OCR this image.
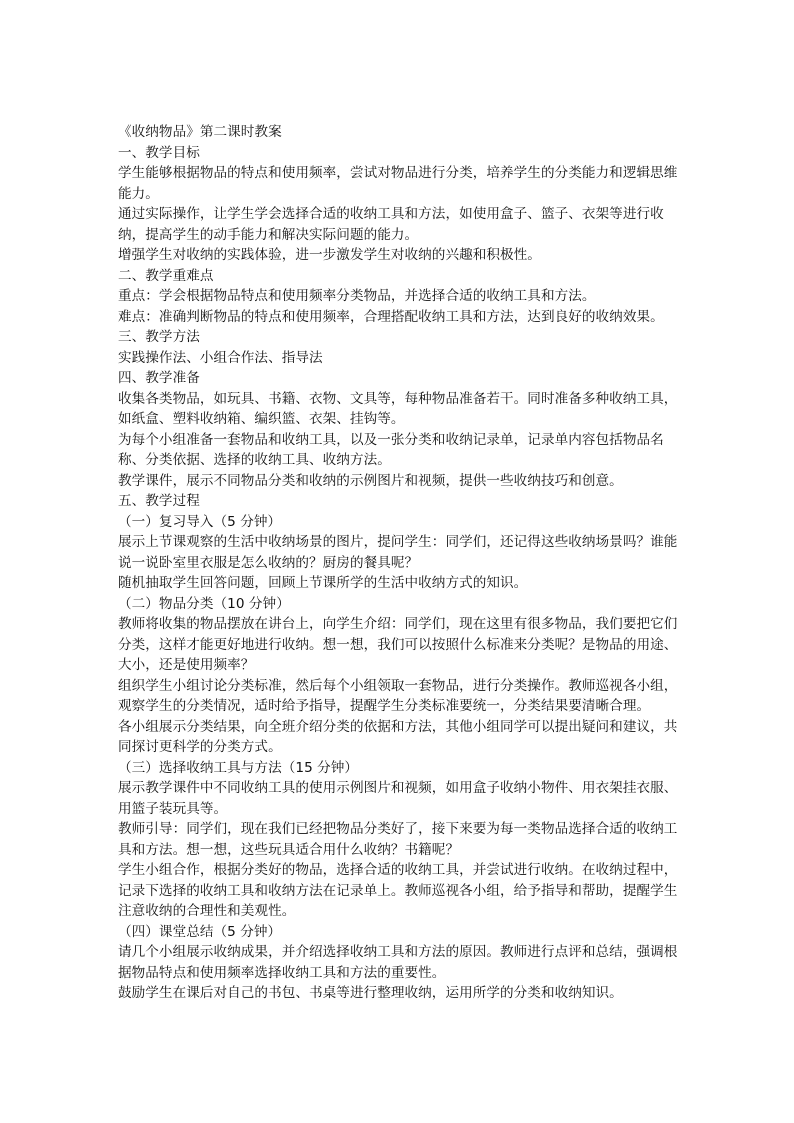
《收纳物品》第二课时教案
一、教学目标
学生能够根据物品的特点和使用频率，尝试对物品进行分类，培养学生的分类能力和逻辑思维能力。
通过实际操作，让学生学会选择合适的收纳工具和方法，如使用盒子、篮子、衣架等进行收纳，提高学生的动手能力和解决实际问题的能力。
增强学生对收纳的实践体验，进一步激发学生对收纳的兴趣和积极性。
二、教学重难点
重点：学会根据物品特点和使用频率分类物品，并选择合适的收纳工具和方法。
难点：准确判断物品的特点和使用频率，合理搭配收纳工具和方法，达到良好的收纳效果。
三、教学方法
实践操作法、小组合作法、指导法
四、教学准备
收集各类物品，如玩具、书籍、衣物、文具等，每种物品准备若干。同时准备多种收纳工具，如纸盒、塑料收纳箱、编织篮、衣架、挂钩等。
为每个小组准备一套物品和收纳工具，以及一张分类和收纳记录单，记录单内容包括物品名称、分类依据、选择的收纳工具、收纳方法。
教学课件，展示不同物品分类和收纳的示例图片和视频，提供一些收纳技巧和创意。
五、教学过程
（一）复习导入（5 分钟）
展示上节课观察的生活中收纳场景的图片，提问学生：同学们，还记得这些收纳场景吗？谁能说一说卧室里衣服是怎么收纳的？厨房的餐具呢？
随机抽取学生回答问题，回顾上节课所学的生活中收纳方式的知识。
（二）物品分类（10 分钟）
教师将收集的物品摆放在讲台上，向学生介绍：同学们，现在这里有很多物品，我们要把它们分类，这样才能更好地进行收纳。想一想，我们可以按照什么标准来分类呢？是物品的用途、大小，还是使用频率？
组织学生小组讨论分类标准，然后每个小组领取一套物品，进行分类操作。教师巡视各小组，观察学生的分类情况，适时给予指导，提醒学生分类标准要统一，分类结果要清晰合理。
各小组展示分类结果，向全班介绍分类的依据和方法，其他小组同学可以提出疑问和建议，共同探讨更科学的分类方式。
（三）选择收纳工具与方法（15 分钟）
展示教学课件中不同收纳工具的使用示例图片和视频，如用盒子收纳小物件、用衣架挂衣服、用篮子装玩具等。
教师引导：同学们，现在我们已经把物品分类好了，接下来要为每一类物品选择合适的收纳工具和方法。想一想，这些玩具适合用什么收纳？书籍呢？
学生小组合作，根据分类好的物品，选择合适的收纳工具，并尝试进行收纳。在收纳过程中，记录下选择的收纳工具和收纳方法在记录单上。教师巡视各小组，给予指导和帮助，提醒学生注意收纳的合理性和美观性。
（四）课堂总结（5 分钟）
请几个小组展示收纳成果，并介绍选择收纳工具和方法的原因。教师进行点评和总结，强调根据物品特点和使用频率选择收纳工具和方法的重要性。
鼓励学生在课后对自己的书包、书桌等进行整理收纳，运用所学的分类和收纳知识。
